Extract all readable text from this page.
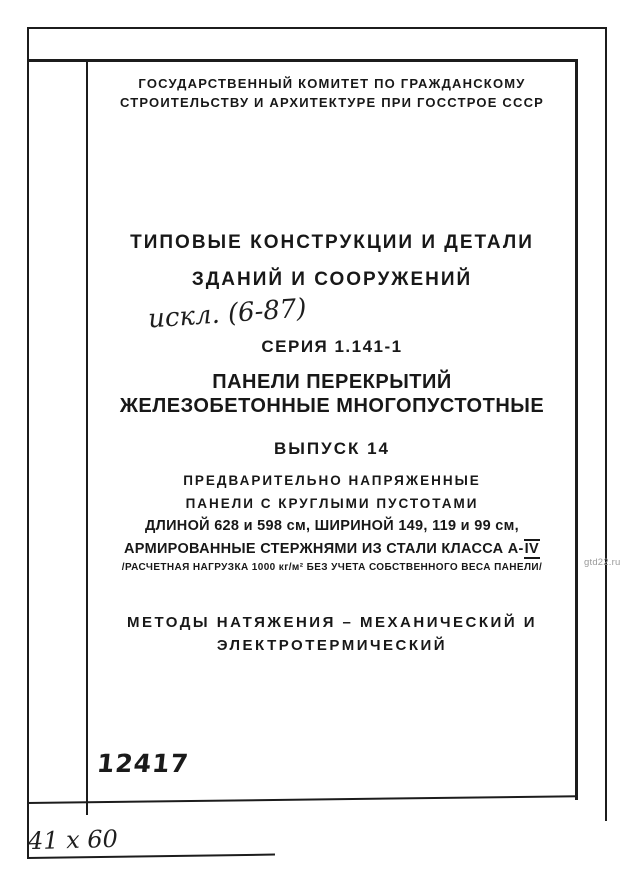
ГОСУДАРСТВЕННЫЙ КОМИТЕТ ПО ГРАЖДАНСКОМУ
СТРОИТЕЛЬСТВУ И АРХИТЕКТУРЕ ПРИ ГОССТРОЕ СССР
ТИПОВЫЕ КОНСТРУКЦИИ И ДЕТАЛИ
ЗДАНИЙ И СООРУЖЕНИЙ
искл. (6-87)
СЕРИЯ 1.141-1
ПАНЕЛИ ПЕРЕКРЫТИЙ
ЖЕЛЕЗОБЕТОННЫЕ МНОГОПУСТОТНЫЕ
ВЫПУСК 14
ПРЕДВАРИТЕЛЬНО НАПРЯЖЕННЫЕ
ПАНЕЛИ С КРУГЛЫМИ ПУСТОТАМИ
ДЛИНОЙ 628 и 598 см, ШИРИНОЙ 149, 119 и 99 см,
АРМИРОВАННЫЕ СТЕРЖНЯМИ ИЗ СТАЛИ КЛАССА А-IV
/РАСЧЕТНАЯ НАГРУЗКА 1000 кг/м² БЕЗ УЧЕТА СОБСТВЕННОГО ВЕСА ПАНЕЛИ/
МЕТОДЫ НАТЯЖЕНИЯ – МЕХАНИЧЕСКИЙ И
ЭЛЕКТРОТЕРМИЧЕСКИЙ
12417
41 х 60
gtd22.ru
